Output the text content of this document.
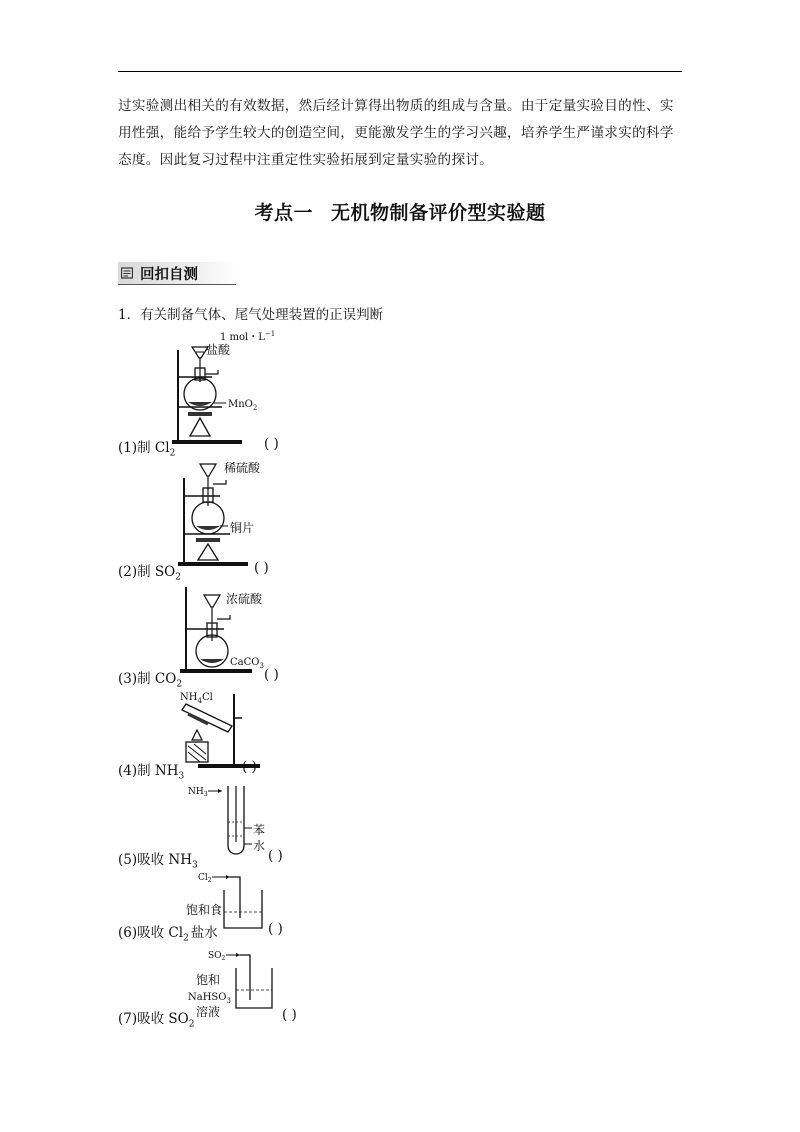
过实验测出相关的有效数据，然后经计算得出物质的组成与含量。由于定量实验目的性、实

用性强，能给予学生较大的创造空间，更能激发学生的学习兴趣，培养学生严谨求实的科学

态度。因此复习过程中注重定性实验拓展到定量实验的探讨。

考点一 无机物制备评价型实验题
回扣自测
1．有关制备气体、尾气处理装置的正误判断
1 mol・$L^{-1}$
盐酸
MnO$_2$
(1)制 $Cl_2$
( )
稀硫酸
铜片
(2)制 $SO_2$
( )
浓硫酸
CaCO$_3$
(3)制 $CO_2$
( )
$NH_4Cl$
(4)制 $NH_3$
( )
$NH_3$
苯
水
(5)吸收 $NH_3$
( )
$Cl_2$
饱和食
(6)吸收 $Cl_2$ 盐水	( )
$SO_2$
饱和
NaHSO$_3$
溶液
(7)吸收 $SO_2$
( )
